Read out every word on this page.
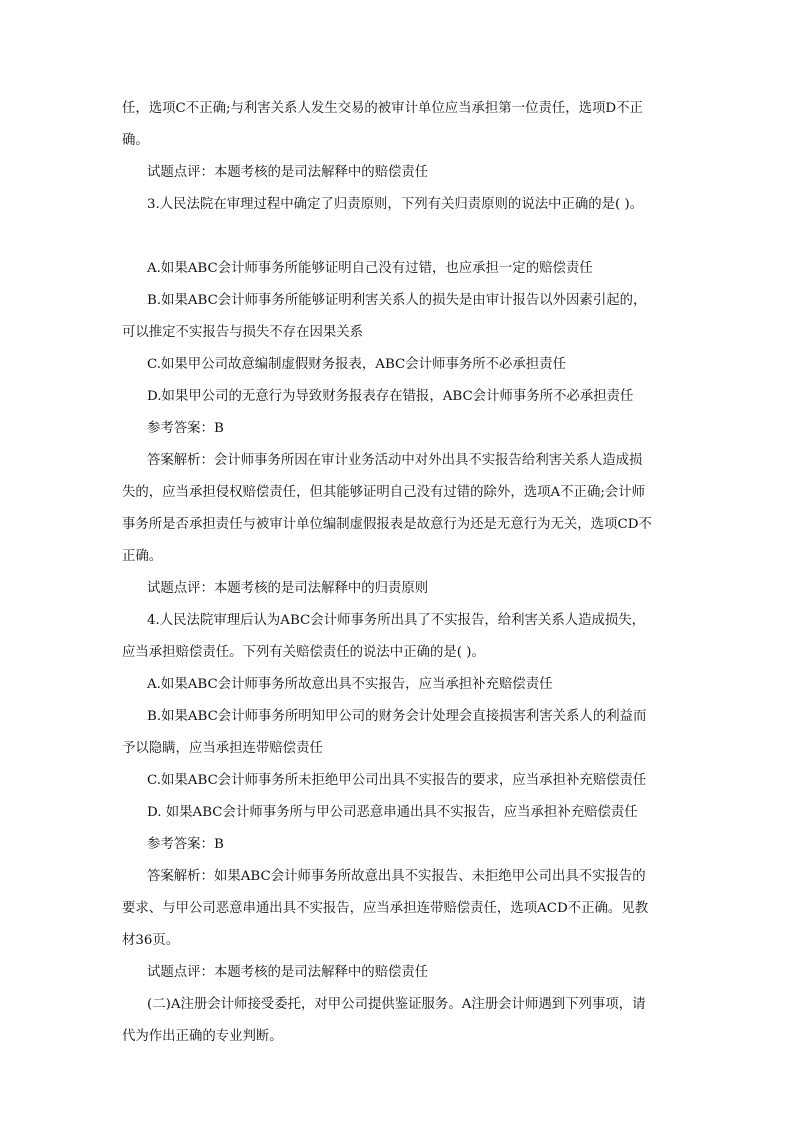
任，选项C不正确;与利害关系人发生交易的被审计单位应当承担第一位责任，选项D不正
确。
试题点评：本题考核的是司法解释中的赔偿责任
3.人民法院在审理过程中确定了归责原则，下列有关归责原则的说法中正确的是( )。
A.如果ABC会计师事务所能够证明自己没有过错，也应承担一定的赔偿责任
B.如果ABC会计师事务所能够证明利害关系人的损失是由审计报告以外因素引起的，
可以推定不实报告与损失不存在因果关系
C.如果甲公司故意编制虚假财务报表，ABC会计师事务所不必承担责任
D.如果甲公司的无意行为导致财务报表存在错报，ABC会计师事务所不必承担责任
参考答案：B
答案解析：会计师事务所因在审计业务活动中对外出具不实报告给利害关系人造成损
失的，应当承担侵权赔偿责任，但其能够证明自己没有过错的除外，选项A不正确;会计师
事务所是否承担责任与被审计单位编制虚假报表是故意行为还是无意行为无关，选项CD不
正确。
试题点评：本题考核的是司法解释中的归责原则
4.人民法院审理后认为ABC会计师事务所出具了不实报告，给利害关系人造成损失，
应当承担赔偿责任。下列有关赔偿责任的说法中正确的是( )。
A.如果ABC会计师事务所故意出具不实报告，应当承担补充赔偿责任
B.如果ABC会计师事务所明知甲公司的财务会计处理会直接损害利害关系人的利益而
予以隐瞒，应当承担连带赔偿责任
C.如果ABC会计师事务所未拒绝甲公司出具不实报告的要求，应当承担补充赔偿责任
D. 如果ABC会计师事务所与甲公司恶意串通出具不实报告，应当承担补充赔偿责任
参考答案：B
答案解析：如果ABC会计师事务所故意出具不实报告、未拒绝甲公司出具不实报告的
要求、与甲公司恶意串通出具不实报告，应当承担连带赔偿责任，选项ACD不正确。见教
材36页。
试题点评：本题考核的是司法解释中的赔偿责任
(二)A注册会计师接受委托，对甲公司提供鉴证服务。A注册会计师遇到下列事项，请
代为作出正确的专业判断。
